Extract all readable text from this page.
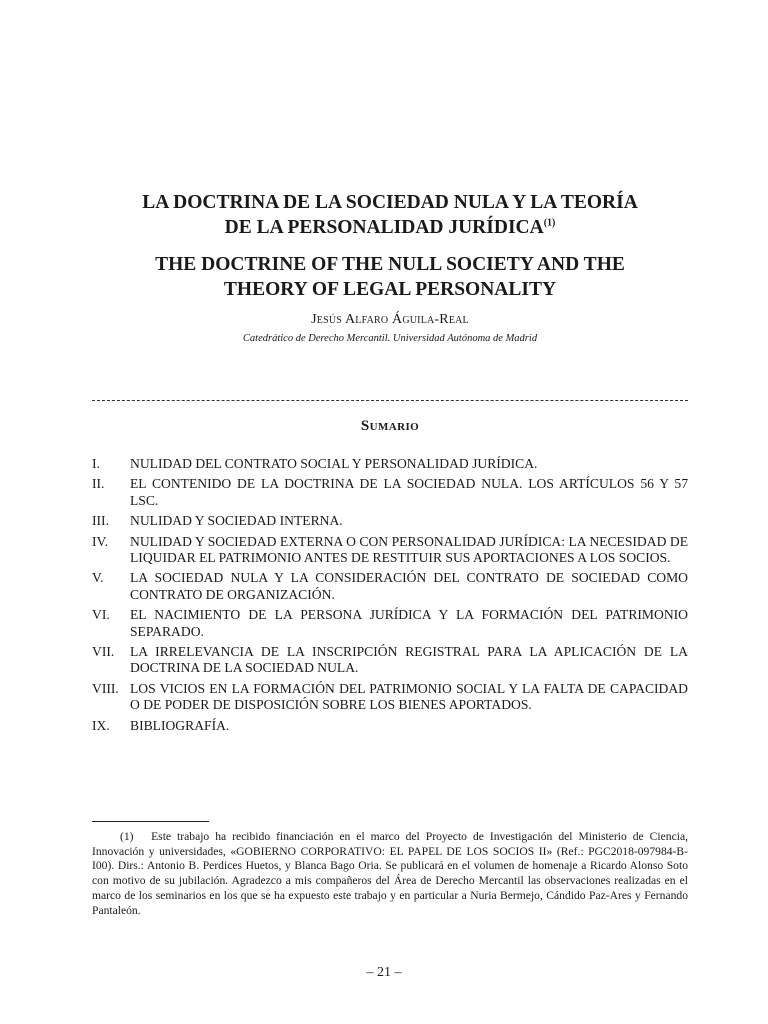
LA DOCTRINA DE LA SOCIEDAD NULA Y LA TEORÍA
DE LA PERSONALIDAD JURÍDICA$^{(1)}$
THE DOCTRINE OF THE NULL SOCIETY AND THE
THEORY OF LEGAL PERSONALITY
Jesús Alfaro Águila-Real
Catedrático de Derecho Mercantil. Universidad Autónoma de Madrid
Sumario
I. NULIDAD DEL CONTRATO SOCIAL Y PERSONALIDAD JURÍDICA.
II. EL CONTENIDO DE LA DOCTRINA DE LA SOCIEDAD NULA. LOS ARTÍCULOS 56 Y 57 LSC.
III. NULIDAD Y SOCIEDAD INTERNA.
IV. NULIDAD Y SOCIEDAD EXTERNA O CON PERSONALIDAD JURÍDICA: LA NECESIDAD DE LIQUIDAR EL PATRIMONIO ANTES DE RESTITUIR SUS APORTACIONES A LOS SOCIOS.
V. LA SOCIEDAD NULA Y LA CONSIDERACIÓN DEL CONTRATO DE SOCIEDAD COMO CONTRATO DE ORGANIZACIÓN.
VI. EL NACIMIENTO DE LA PERSONA JURÍDICA Y LA FORMACIÓN DEL PATRIMONIO SEPARADO.
VII. LA IRRELEVANCIA DE LA INSCRIPCIÓN REGISTRAL PARA LA APLICACIÓN DE LA DOCTRINA DE LA SOCIEDAD NULA.
VIII. LOS VICIOS EN LA FORMACIÓN DEL PATRIMONIO SOCIAL Y LA FALTA DE CAPACIDAD O DE PODER DE DISPOSICIÓN SOBRE LOS BIENES APORTADOS.
IX. BIBLIOGRAFÍA.
(1)  Este trabajo ha recibido financiación en el marco del Proyecto de Investigación del Ministerio de Ciencia, Innovación y universidades, «GOBIERNO CORPORATIVO: EL PAPEL DE LOS SOCIOS II» (Ref.: PGC2018-097984-B-I00). Dirs.: Antonio B. Perdices Huetos, y Blanca Bago Oria. Se publicará en el volumen de homenaje a Ricardo Alonso Soto con motivo de su jubilación. Agradezco a mis compañeros del Área de Derecho Mercantil las observaciones realizadas en el marco de los seminarios en los que se ha expuesto este trabajo y en particular a Nuria Bermejo, Cándido Paz-Ares y Fernando Pantaleón.
– 21 –
